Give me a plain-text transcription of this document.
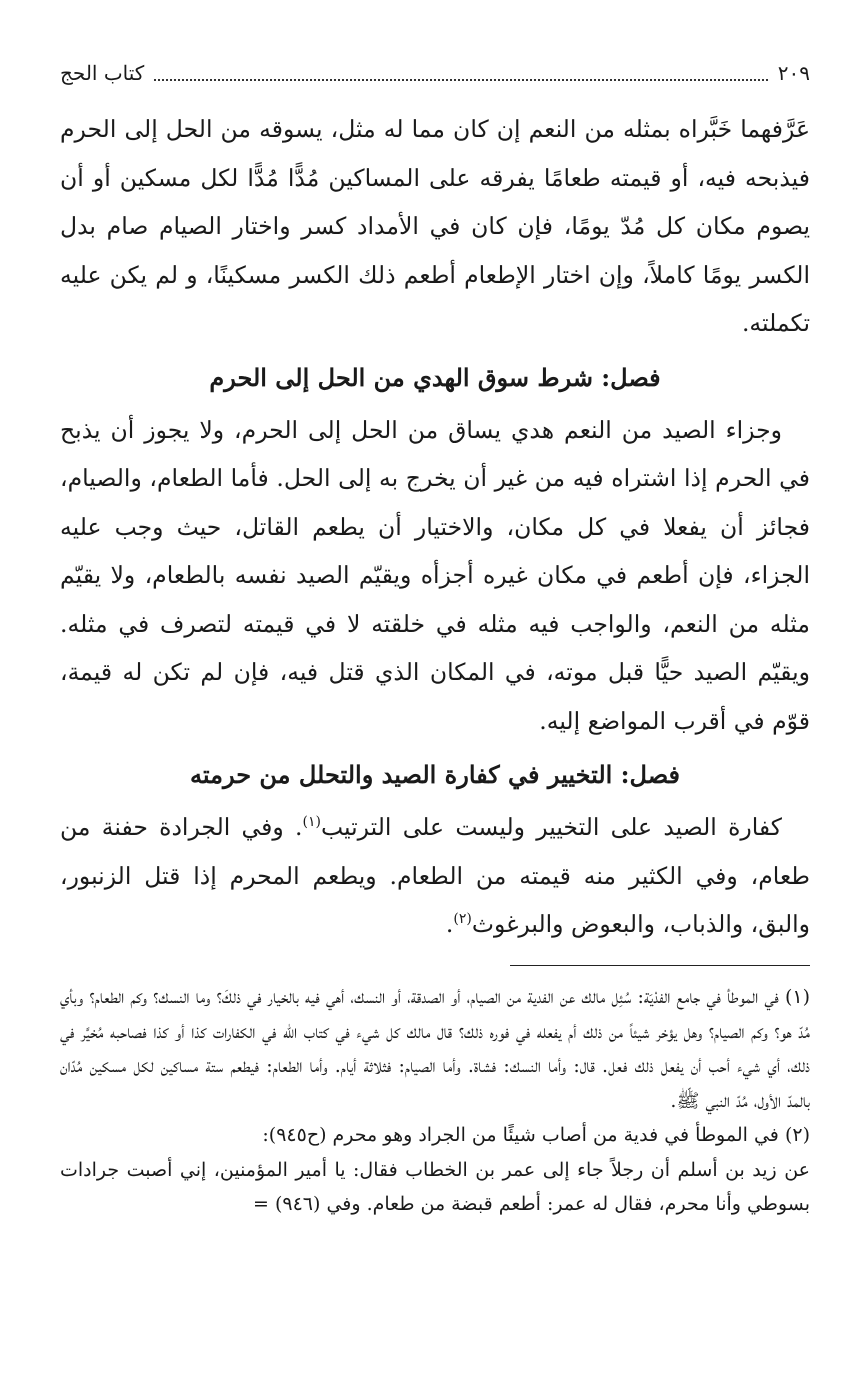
٢٠٩
كتاب الحج

عَرَّفهما خَبَّراه بمثله من النعم إن كان مما له مثل، يسوقه من الحل إلى الحرم فيذبحه فيه، أو قيمته طعامًا يفرقه على المساكين مُدًّا مُدًّا لكل مسكين أو أن يصوم مكان كل مُدّ يومًا، فإن كان في الأمداد كسر واختار الصيام صام بدل الكسر يومًا كاملاً، وإن اختار الإطعام أطعم ذلك الكسر مسكينًا، و لم يكن عليه تكملته.

فصل: شرط سوق الهدي من الحل إلى الحرم

وجزاء الصيد من النعم هدي يساق من الحل إلى الحرم، ولا يجوز أن يذبح في الحرم إذا اشتراه فيه من غير أن يخرج به إلى الحل. فأما الطعام، والصيام، فجائز أن يفعلا في كل مكان، والاختيار أن يطعم القاتل، حيث وجب عليه الجزاء، فإن أطعم في مكان غيره أجزأه ويقيّم الصيد نفسه بالطعام، ولا يقيّم مثله من النعم، والواجب فيه مثله في خلقته لا في قيمته لتصرف في مثله. ويقيّم الصيد حيًّا قبل موته، في المكان الذي قتل فيه، فإن لم تكن له قيمة، قوّم في أقرب المواضع إليه.

فصل: التخيير في كفارة الصيد والتحلل من حرمته

كفارة الصيد على التخيير وليست على الترتيب$^{(١)}$. وفي الجرادة حفنة من طعام، وفي الكثير منه قيمته من الطعام. ويطعم المحرم إذا قتل الزنبور، والبق، والذباب، والبعوض والبرغوث$^{(٢)}$.

(١) في الموطأ في جامع الفدْيَة: سُئِل مالك عن الفدية من الصيام، أو الصدقة، أو النسك، أهي فيه بالخيار في ذلكَ؟ وما النسك؟ وكم الطعام؟ وبأي مُدّ هو؟ وكم الصيام؟ وهل يؤخر شيئاً من ذلك أم يفعله في فوره ذلك؟ قال مالك كل شيء في كتاب الله في الكفارات كذا أو كذا فصاحبه مُخيَّر في ذلك، أي شيء أحب أن يفعل ذلك فعل. قال: وأما النسك: فشاة. وأما الصيام: فثلاثة أيام. وأما الطعام: فيطعم ستة مساكين لكل مسكين مُدّان بالمدّ الأول، مُدّ النبي ﷺ.

(٢) في الموطأ في فدية من أصاب شيئًا من الجراد وهو محرم (ح٩٤٥):

عن زيد بن أسلم أن رجلاً جاء إلى عمر بن الخطاب فقال: يا أمير المؤمنين، إني أصبت جرادات بسوطي وأنا محرم، فقال له عمر: أطعم قبضة من طعام. وفي (٩٤٦) =
